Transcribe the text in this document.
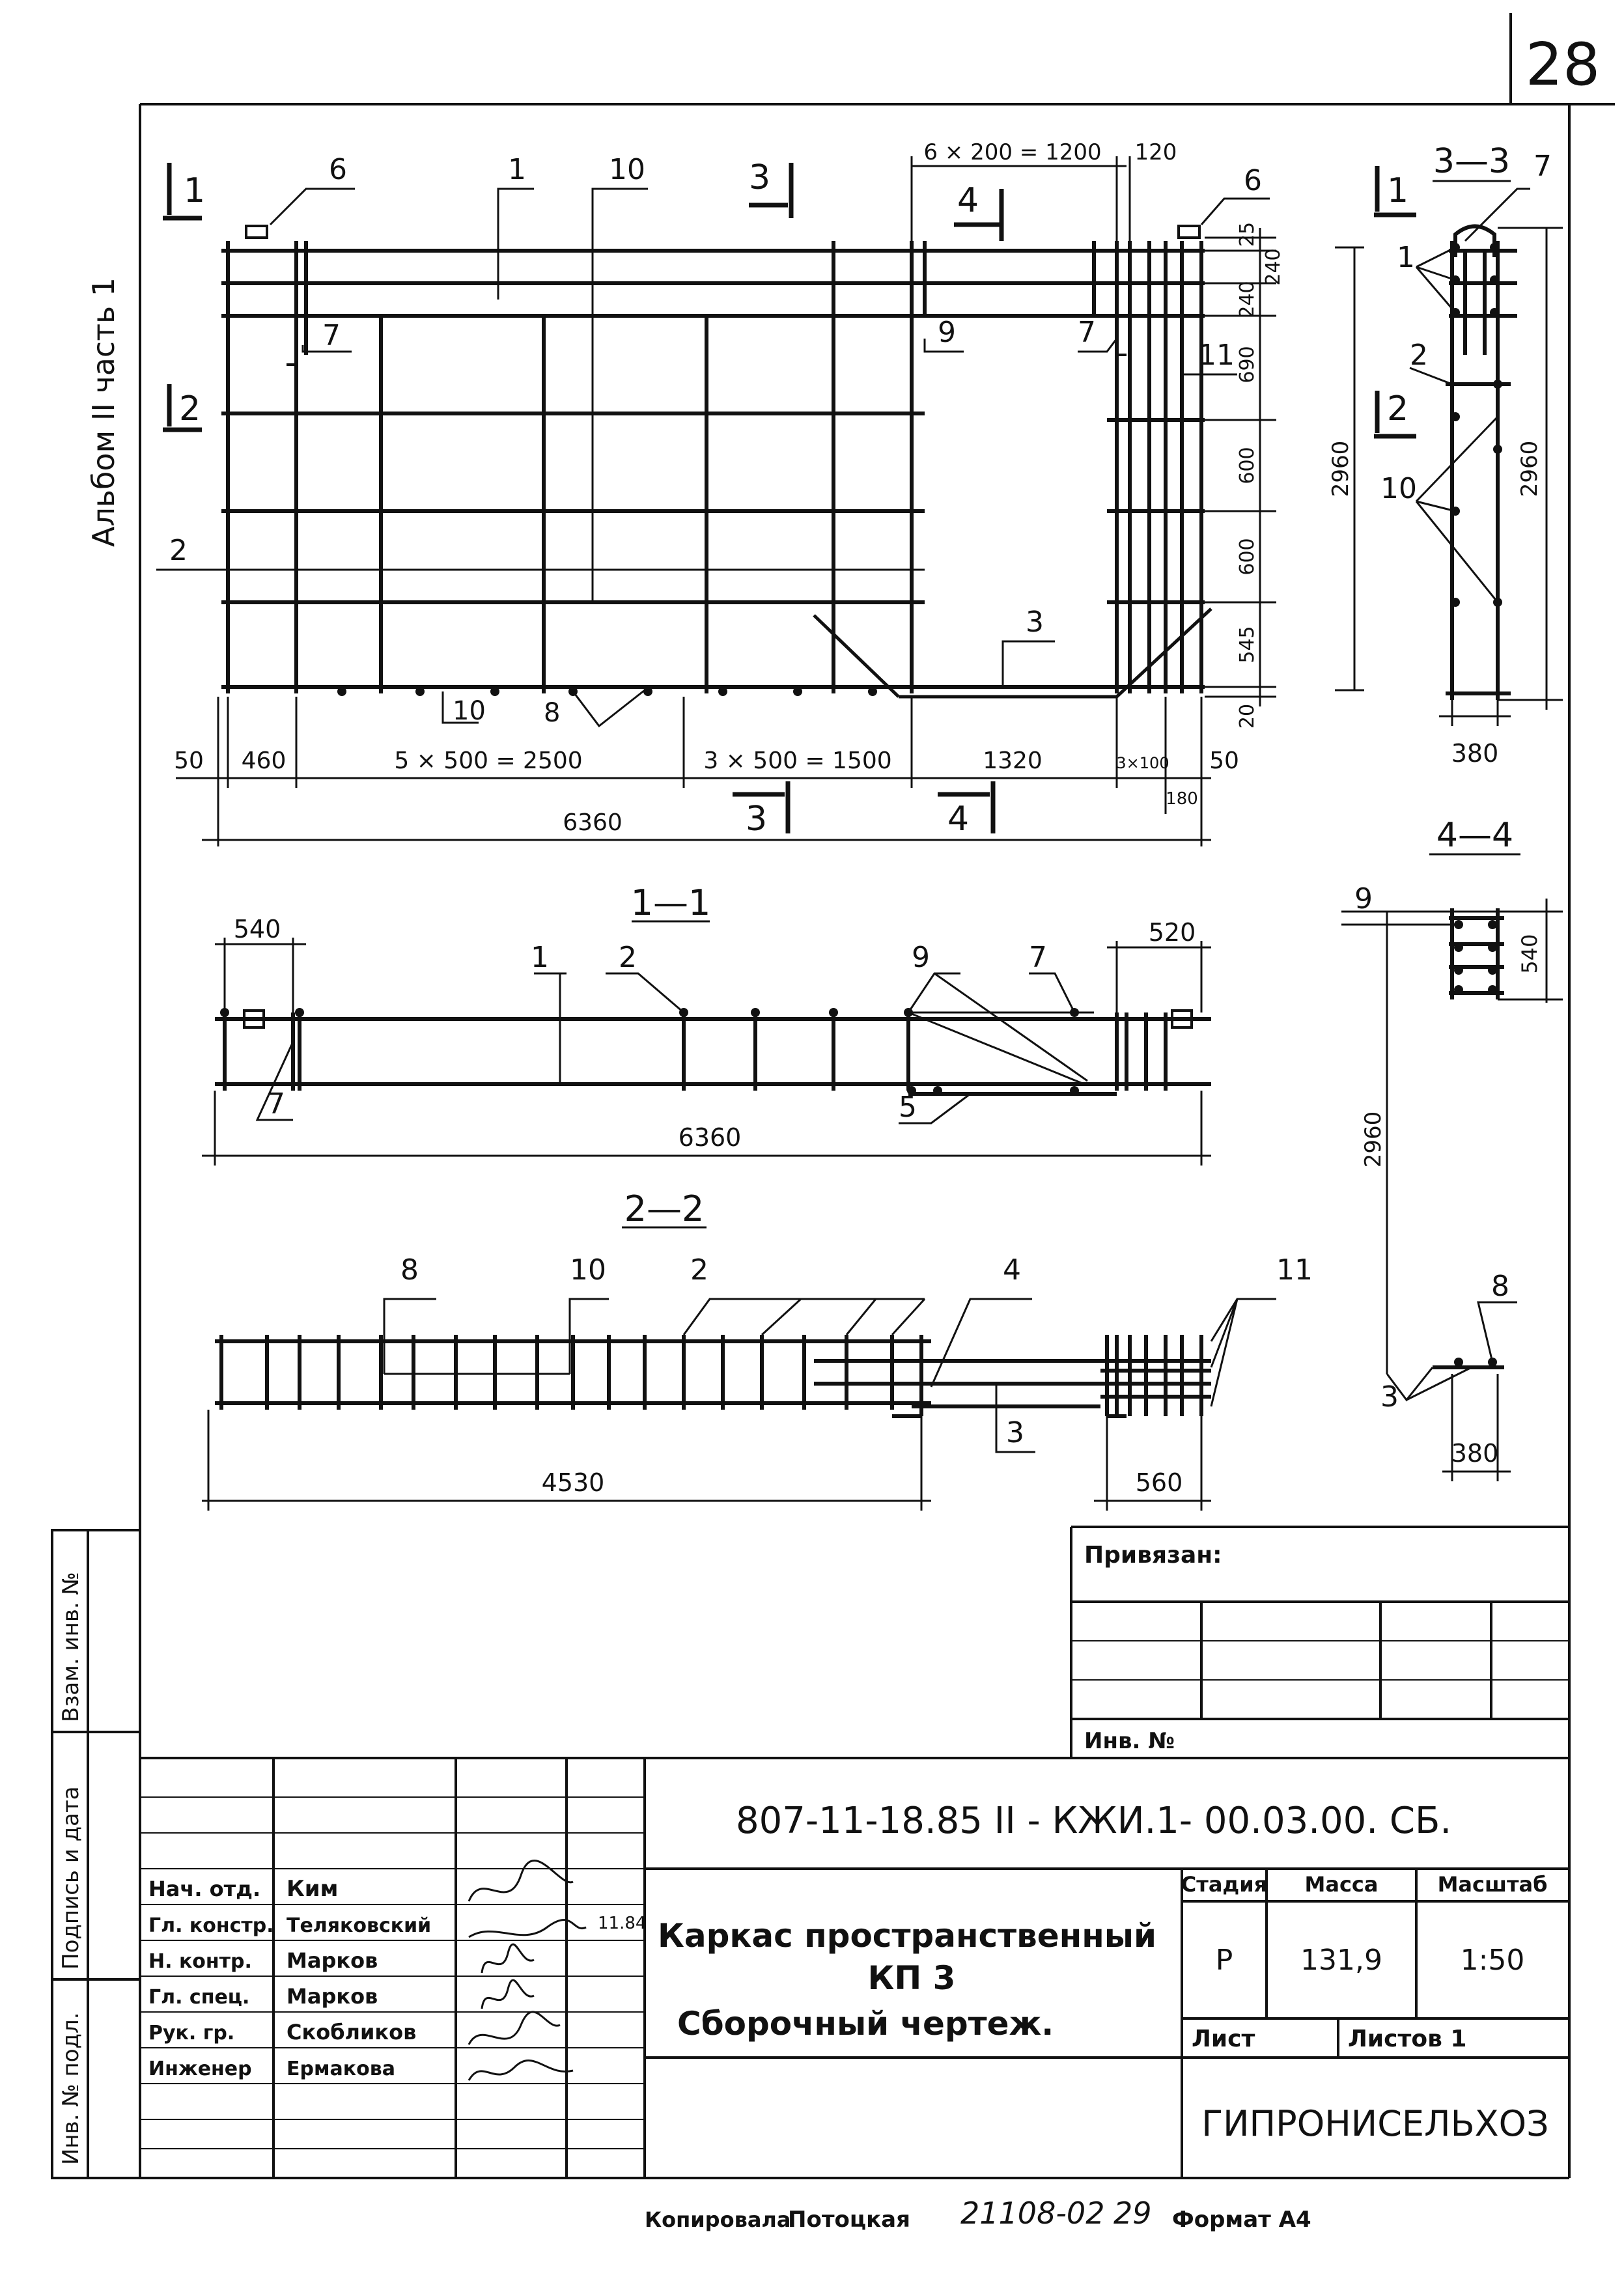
28
Альбом II часть 1
1
2
3
4	1
2
3	4
6	1	10	6
7	9	7
11
2
3
10 8
6 × 200 = 1200 120
25
240
240
690
600
600
545
20
2960
50 460	5 × 500 = 2500	3 × 500 = 1500	1320	3×100 50
180
6360
1—1
1 2	9	7
7	5
540	520
6360
2—2
8	10	2	4	11
3
4530	560
3—3 7
1
2
10	2960
380
4—4
9
8
3
540
2960
380
Инв. № подл.
Подпись и дата
Взам. инв. №
Привязан:
Инв. №
807-11-18.85 II - КЖИ.1- 00.03.00. СБ.
Нач. отд. Ким
Гл. констр. Теляковский
Н. контр. Марков
Гл. спец. Марков
Рук. гр. Скобликов
Инженер Ермакова
11.84 Каркас пространственный
КП 3
Сборочный чертеж.
Стадия Масса	Масштаб
Р 131,9	1:50
Лист	Листов 1
ГИПРОНИСЕЛЬХОЗ
Копировала
Потоцкая 21108-02 29 Формат А4
